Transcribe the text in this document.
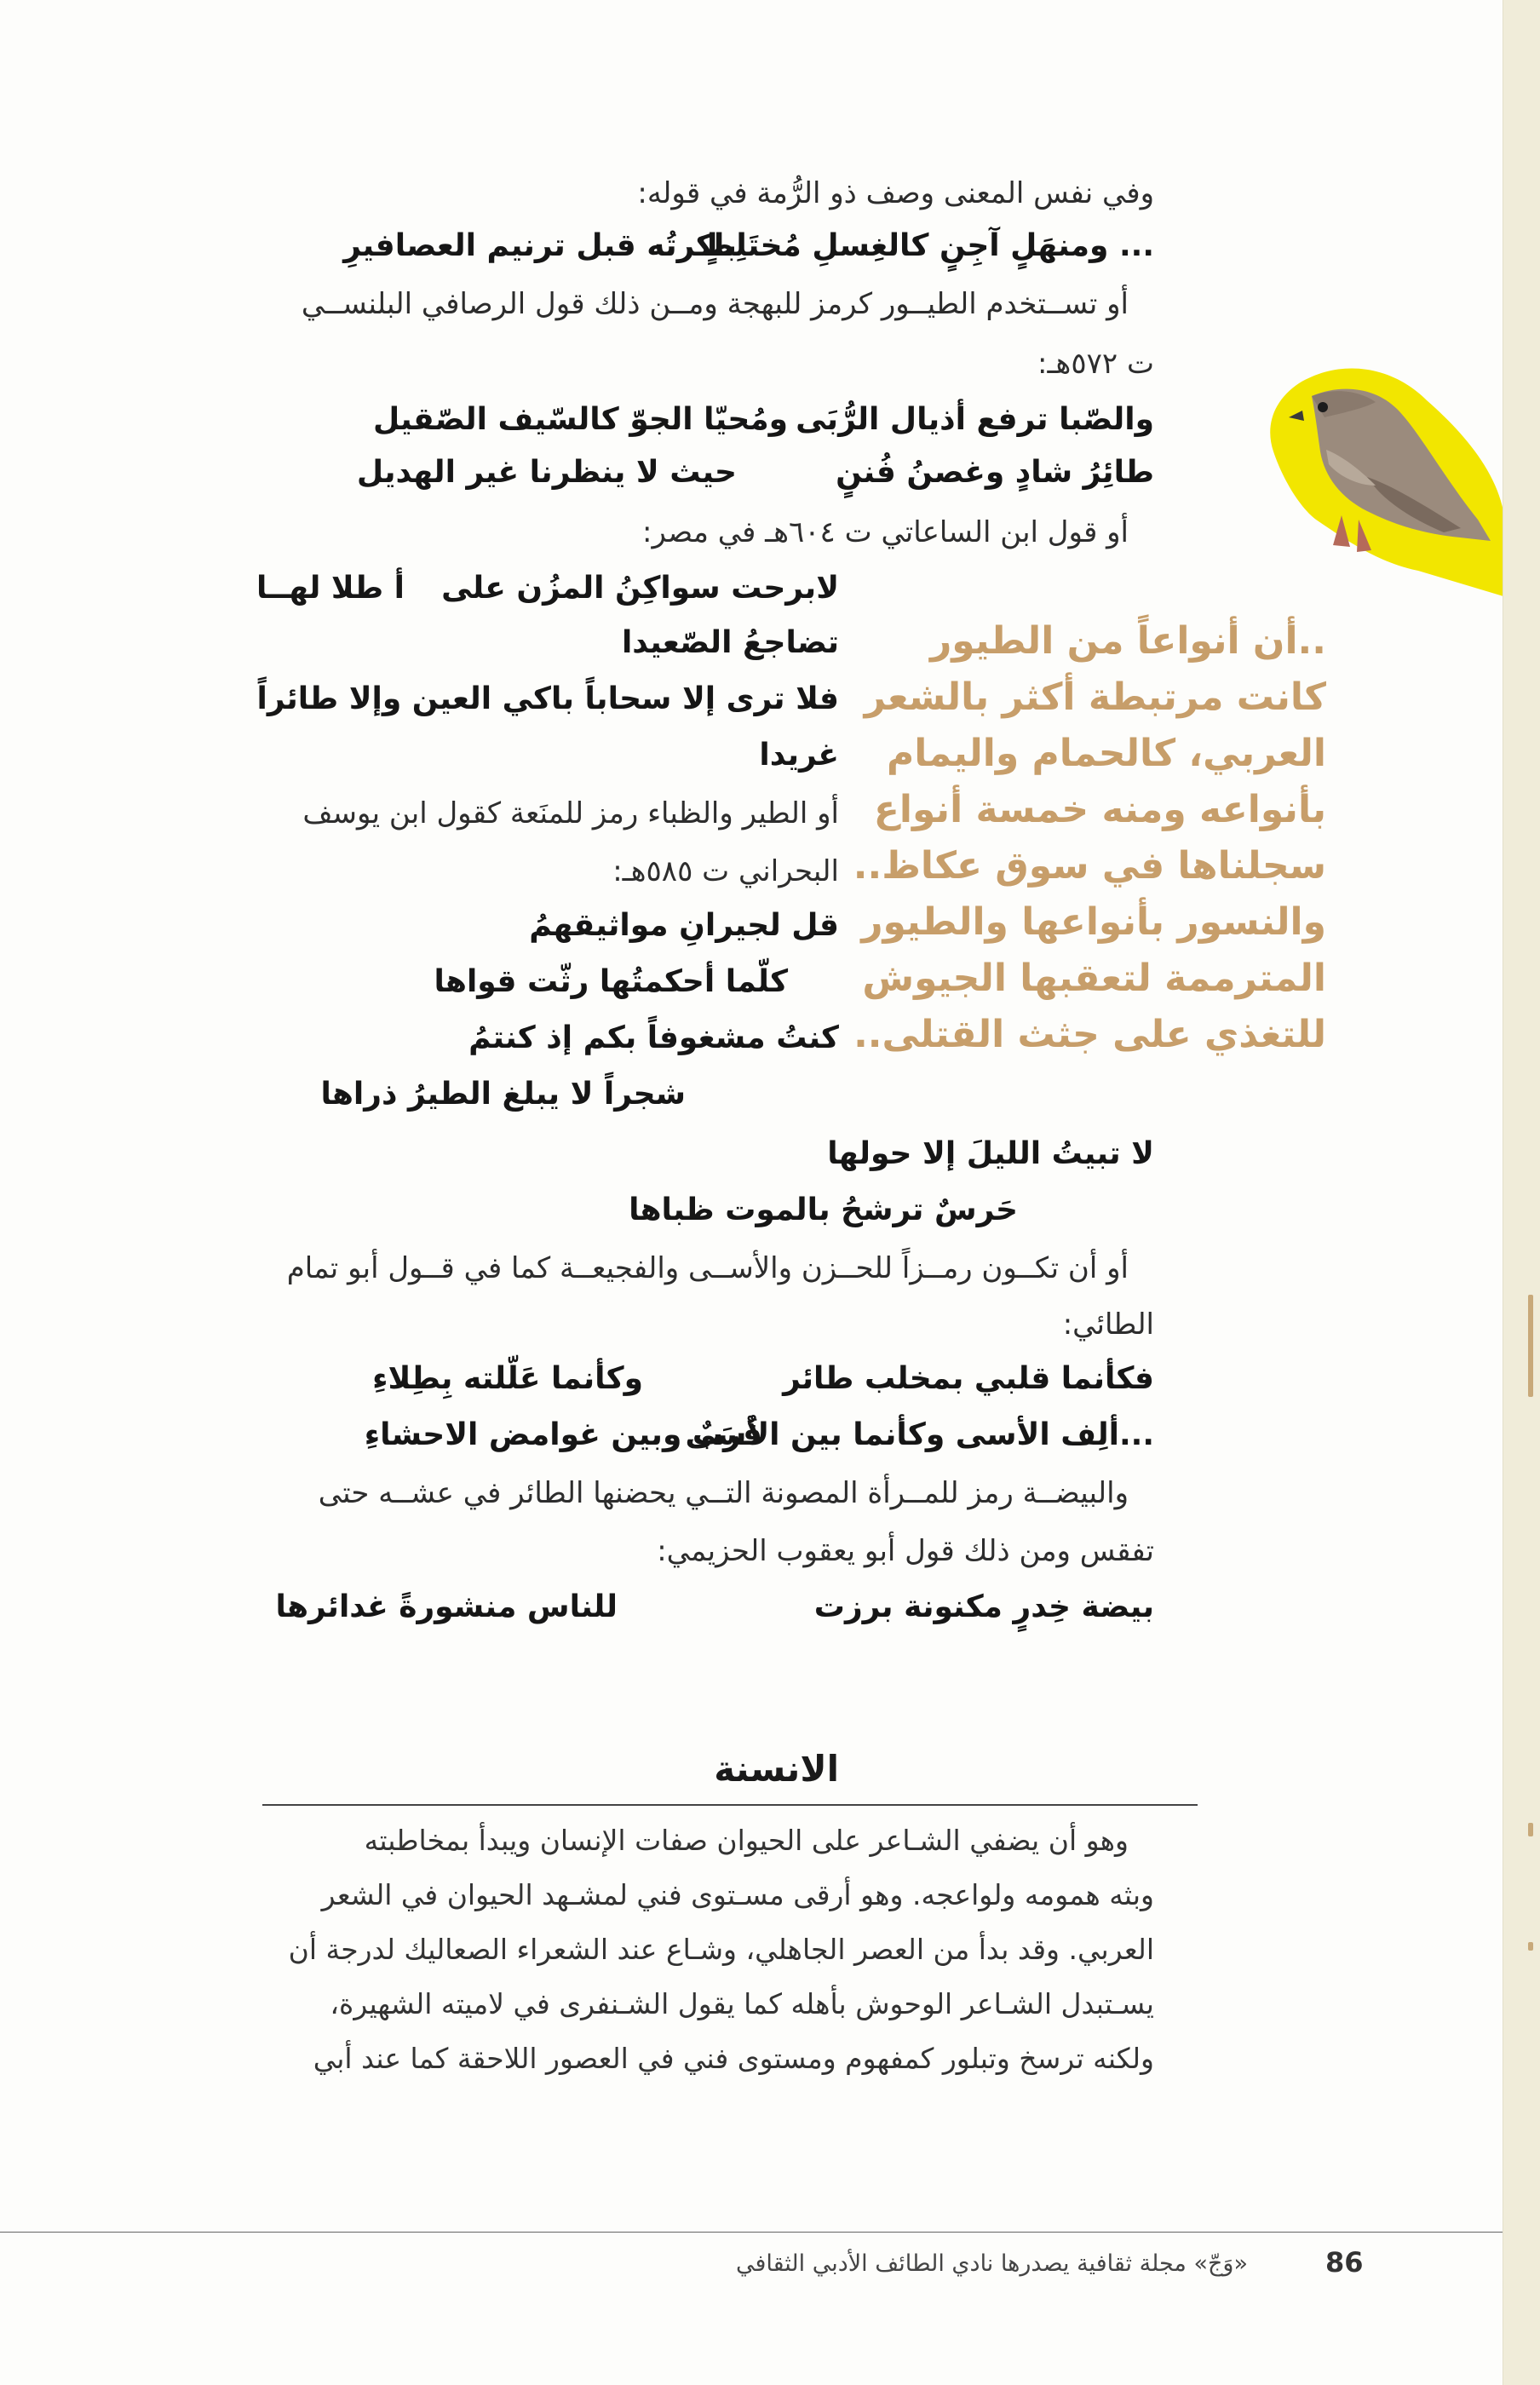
وفي نفس المعنى وصف ذو الرُّمة في قوله:
... ومنهَلٍ آجِنٍ كالغِسلِ مُختَلِطٍ
باكرتُه قبل ترنيم العصافيرِ
أو تســتخدم الطيــور كرمز للبهجة ومــن ذلك قول الرصافي البلنســي
ت ٥٧٢هـ:
والصّبا ترفع أذيال الرُّبَى
ومُحيّا الجوّ كالسّيف الصّقيل
طائِرُ شادٍ وغصنُ فُننٍ
حيث لا ينظرنا غير الهديل
أو قول ابن الساعاتي ت ٦٠٤هـ في مصر:
لابرحت سواكِنُ المزُن على
أ طلا لهــا
تضاجعُ الصّعيدا
فلا ترى إلا سحاباً باكي العين وإلا طائراً
غريدا
أو الطير والظباء رمز للمنَعة كقول ابن يوسف
البحراني ت ٥٨٥هـ:
قل لجيرانِ مواثيقهمُ
كلّما أحكمتُها رثّت قواها
كنتُ مشغوفاً بكم إذ كنتمُ
شجراً لا يبلغ الطيرُ ذراها
لا تبيتُ الليلَ إلا حولها
حَرسٌ ترشحُ بالموت ظباها
أو أن تكــون رمــزاً للحــزن والأســى والفجيعــة كما في قــول أبو تمام
الطائي:
فكأنما قلبي بمخلب طائر
وكأنما عَلّلته بِطِلاءِ
...ألِف الأسى وكأنما بين الأسَى
قُربٌ وبين غوامض الاحشاءِ
والبيضــة رمز للمــرأة المصونة التــي يحضنها الطائر في عشــه حتى
تفقس ومن ذلك قول أبو يعقوب الحزيمي:
بيضة خِدرٍ مكنونة برزت
للناس منشورةً غدائرها
..أن أنواعاً من الطيور
كانت مرتبطة أكثر بالشعر
العربي، كالحمام واليمام
بأنواعه ومنه خمسة أنواع
سجلناها في سوق عكاظ..
والنسور بأنواعها والطيور
المترممة لتعقبها الجيوش
للتغذي على جثث القتلى..
الانسنة
وهو أن يضفي الشـاعر على الحيوان صفات الإنسان ويبدأ بمخاطبته
وبثه همومه ولواعجه. وهو أرقى مسـتوى فني لمشـهد الحيوان في الشعر
العربي. وقد بدأ من العصر الجاهلي، وشـاع عند الشعراء الصعاليك لدرجة أن
يسـتبدل الشـاعر الوحوش بأهله كما يقول الشـنفرى في لاميته الشهيرة،
ولكنه ترسخ وتبلور كمفهوم ومستوى فني في العصور اللاحقة كما عند أبي
«وَجّ» مجلة ثقافية يصدرها نادي الطائف الأدبي الثقافي	86
